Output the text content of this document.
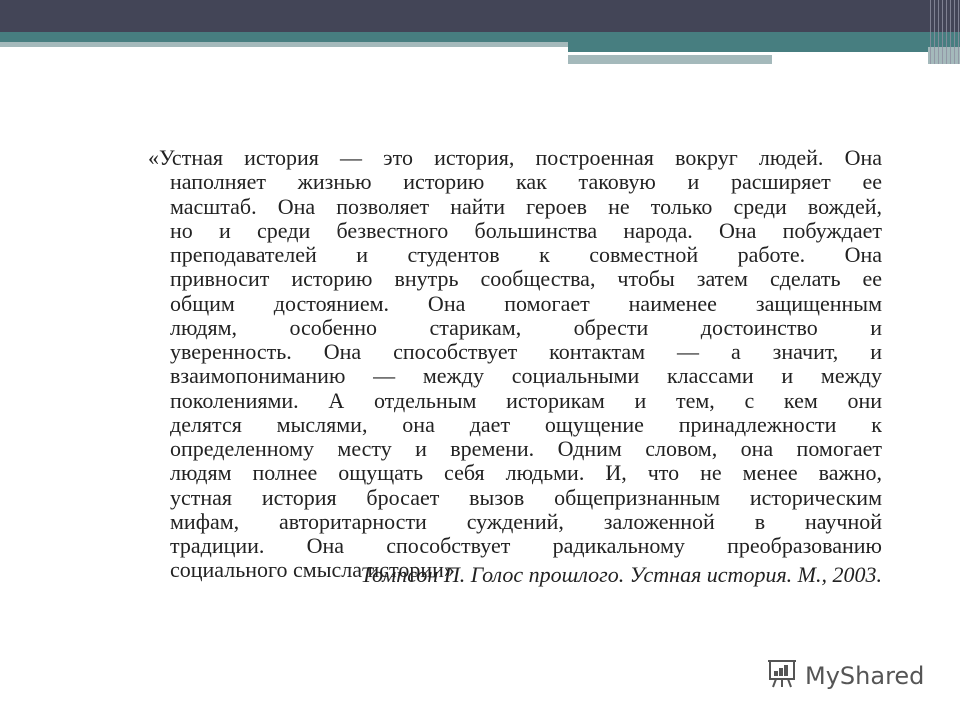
«Устная история — это история, построенная вокруг людей. Она
наполняет жизнью историю как таковую и расширяет ее
масштаб. Она позволяет найти героев не только среди вождей,
но и среди безвестного большинства народа. Она побуждает
преподавателей и студентов к совместной работе. Она
привносит историю внутрь сообщества, чтобы затем сделать ее
общим достоянием. Она помогает наименее защищенным
людям, особенно старикам, обрести достоинство и
уверенность. Она способствует контактам — а значит, и
взаимопониманию — между социальными классами и между
поколениями. А отдельным историкам и тем, с кем они
делятся мыслями, она дает ощущение принадлежности к
определенному месту и времени. Одним словом, она помогает
людям полнее ощущать себя людьми. И, что не менее важно,
устная история бросает вызов общепризнанным историческим
мифам, авторитарности суждений, заложенной в научной
традиции. Она способствует радикальному преобразованию
социального смысла истории»
Томпсон П. Голос прошлого. Устная история. М., 2003.
MyShared
